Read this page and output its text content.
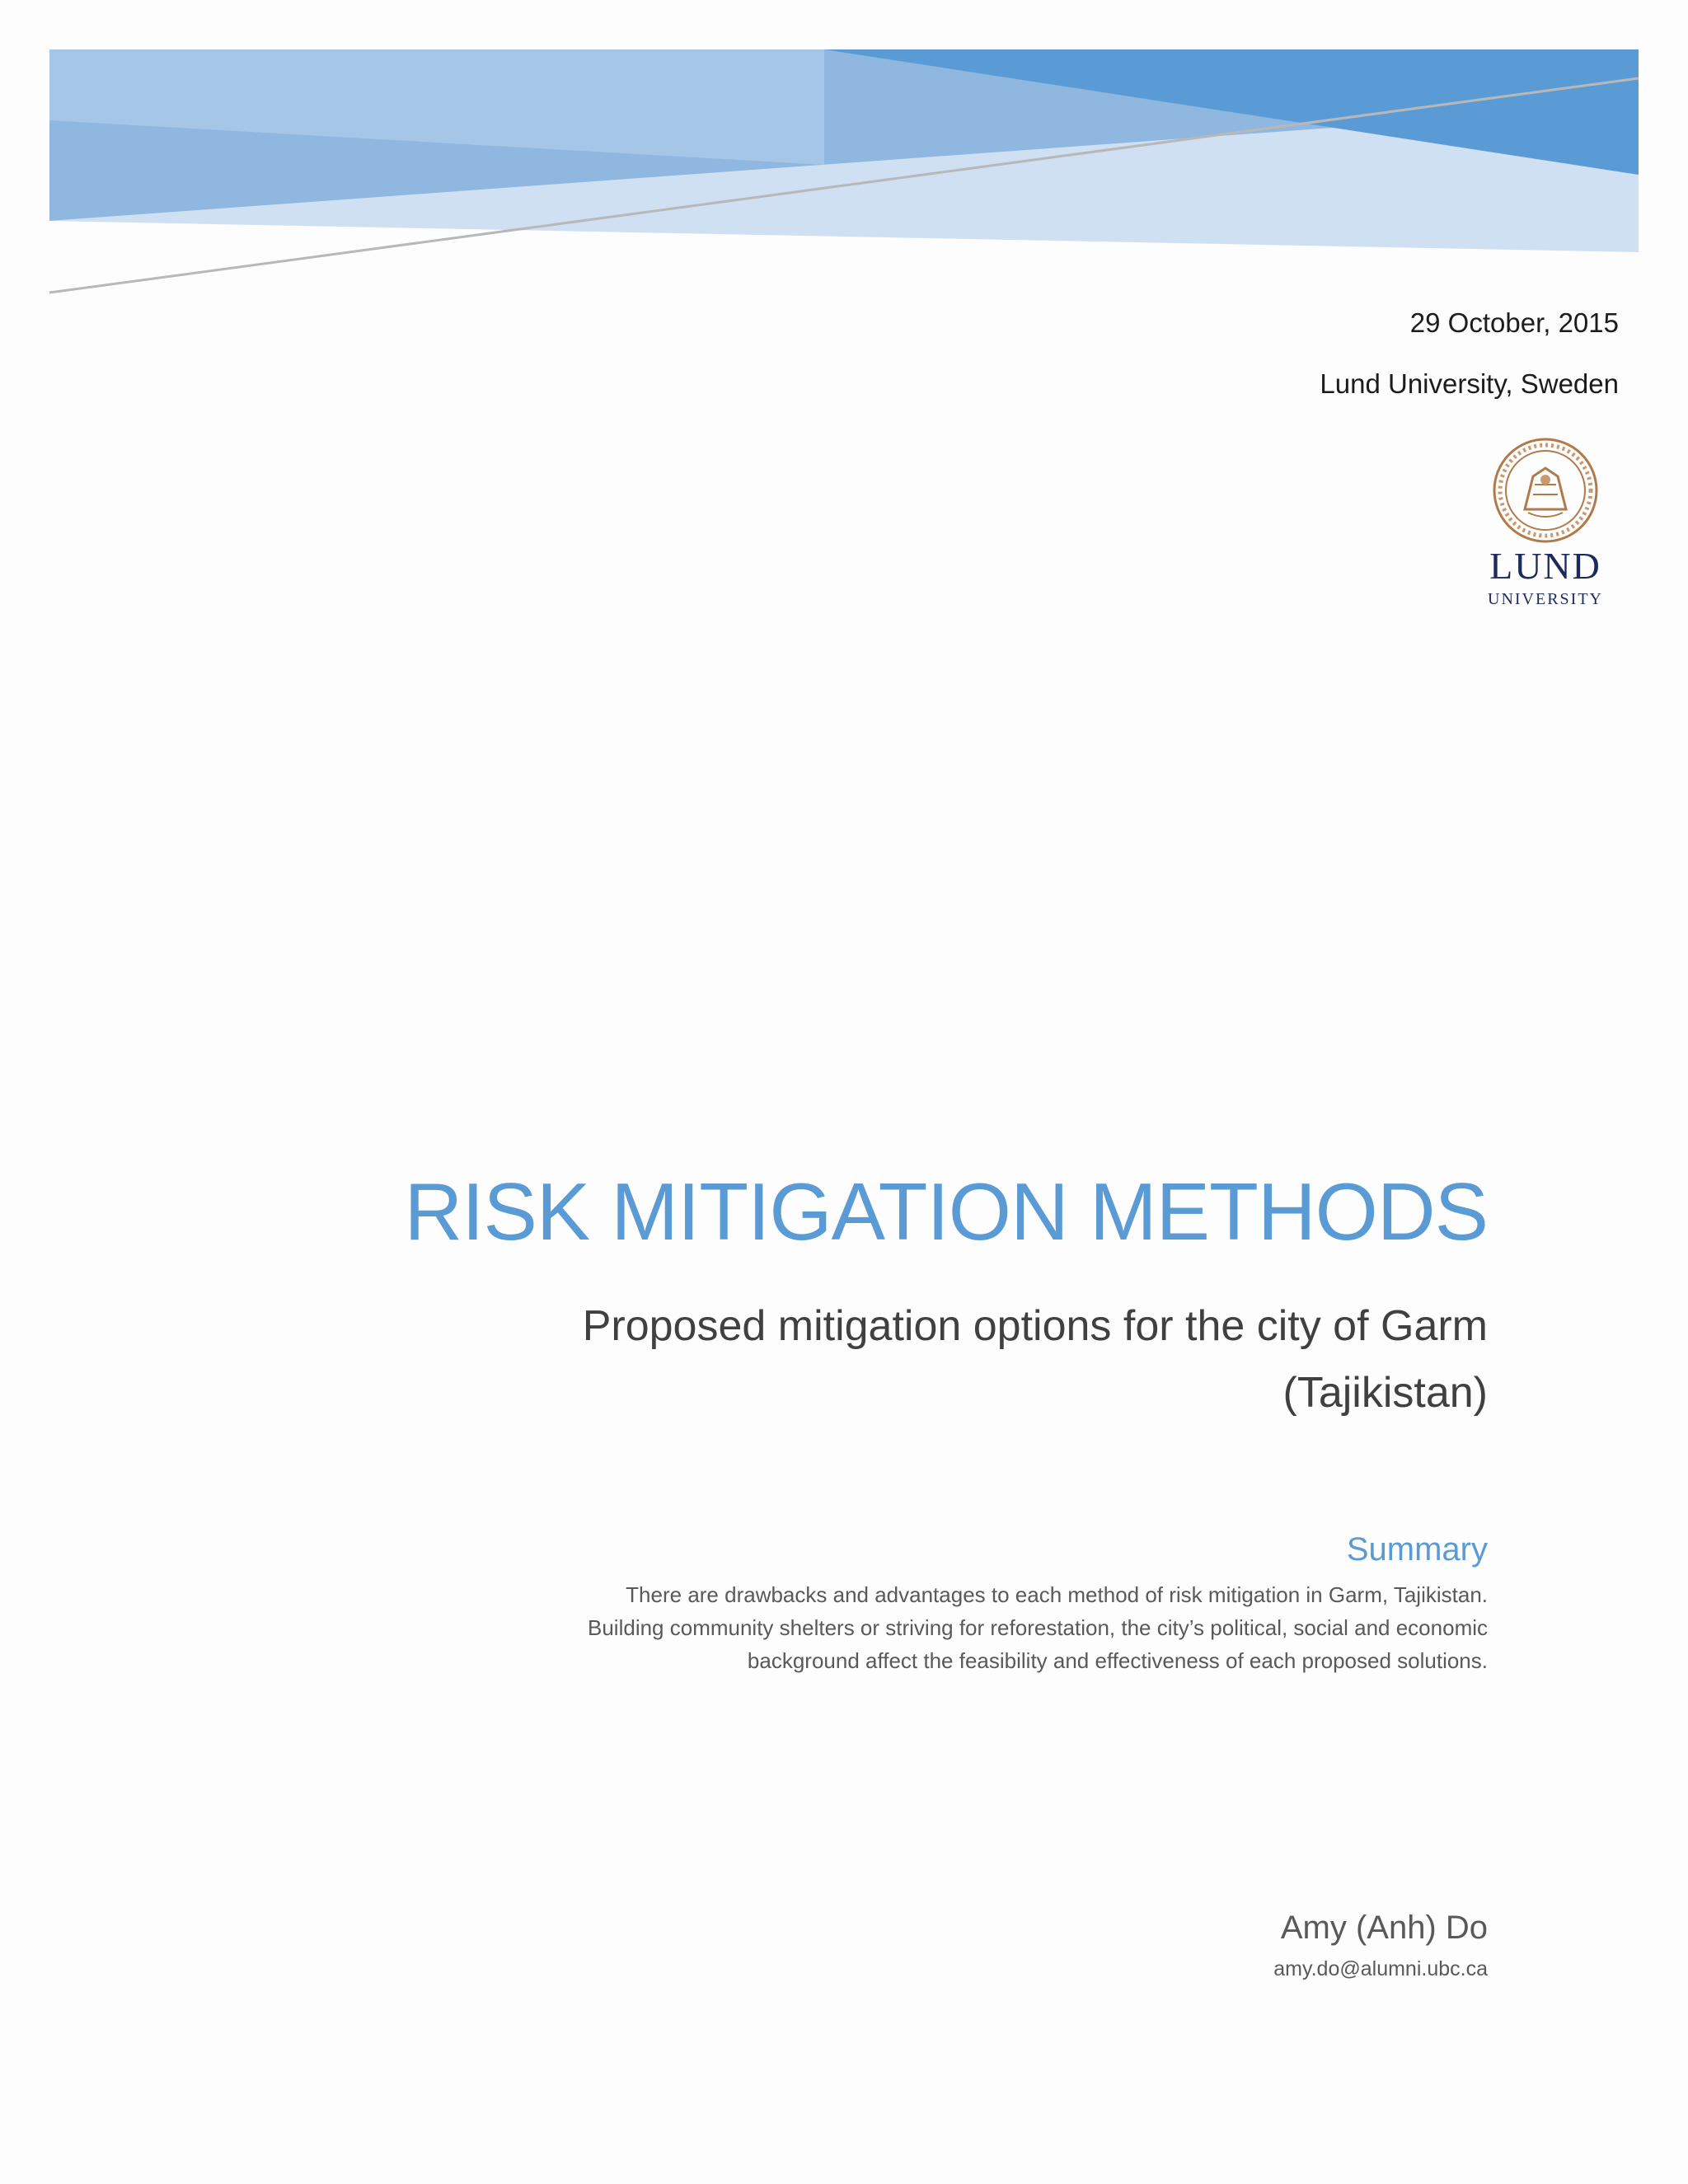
29 October, 2015
Lund University, Sweden
LUND
UNIVERSITY
RISK MITIGATION METHODS
Proposed mitigation options for the city of Garm
(Tajikistan)
Summary
There are drawbacks and advantages to each method of risk mitigation in Garm, Tajikistan.
Building community shelters or striving for reforestation, the city’s political, social and economic
background affect the feasibility and effectiveness of each proposed solutions.
Amy (Anh) Do
amy.do@alumni.ubc.ca
